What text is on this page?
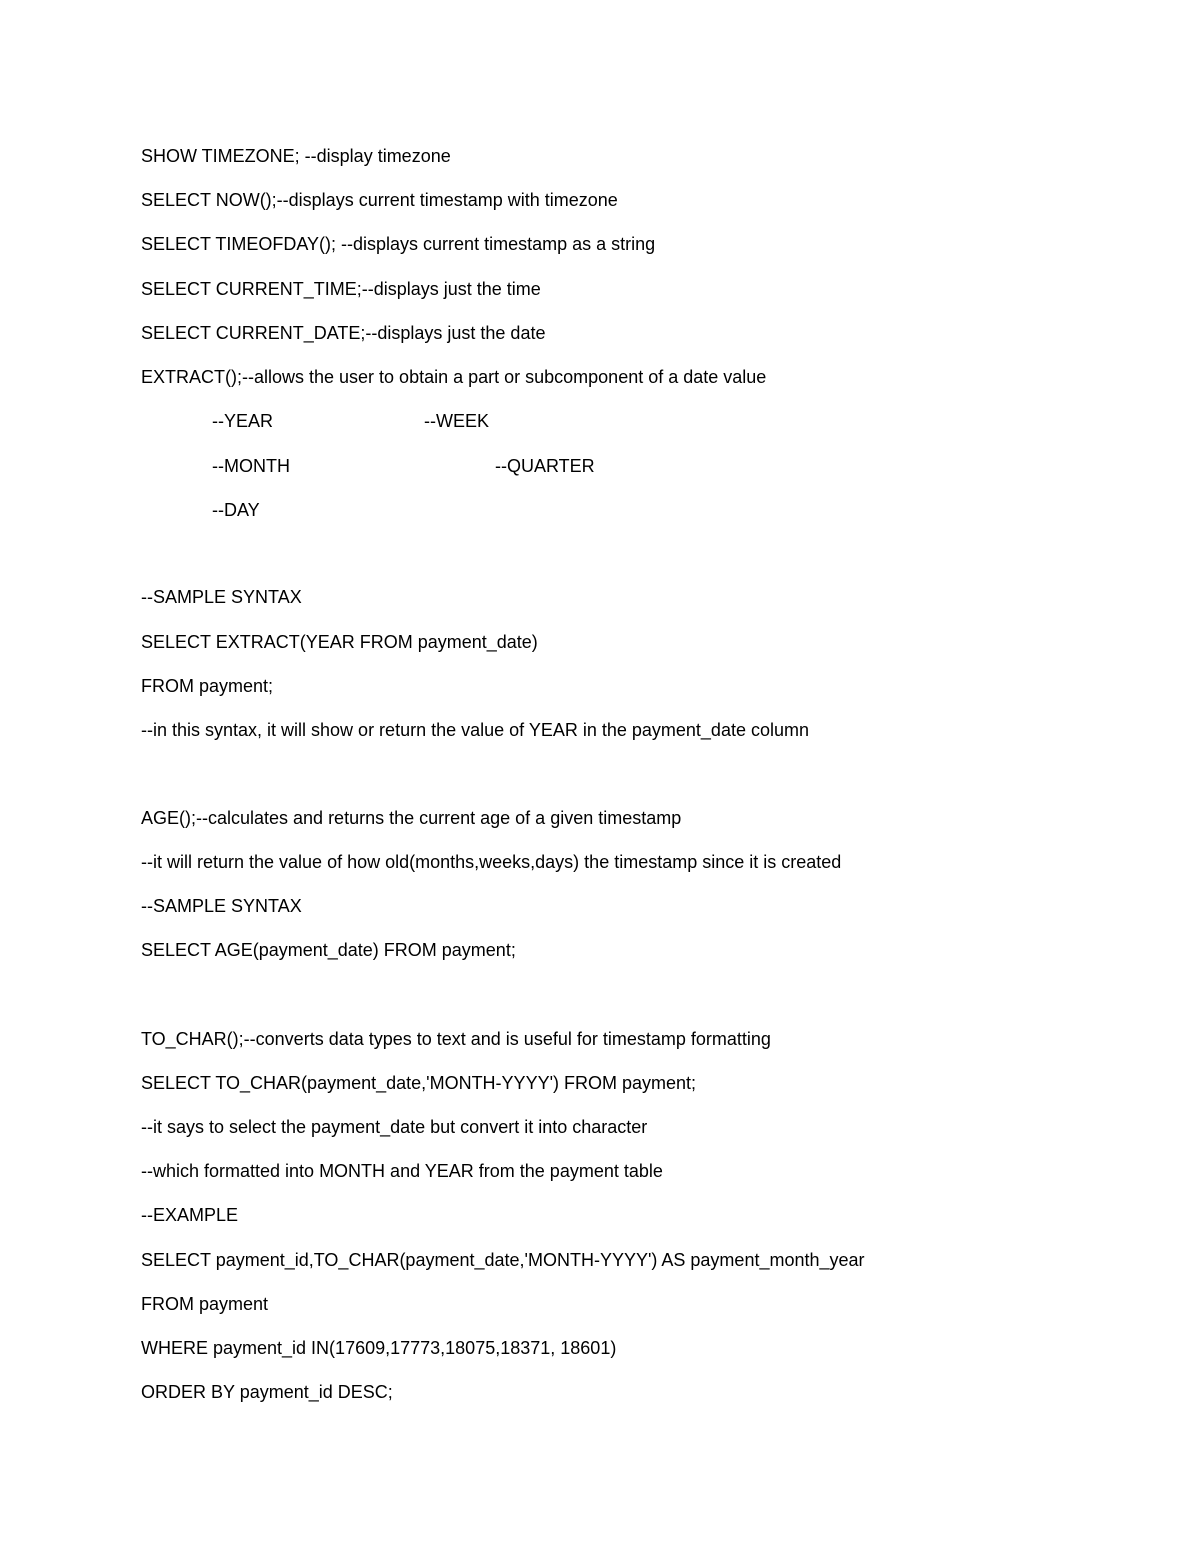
SHOW TIMEZONE; --display timezone
SELECT NOW();--displays current timestamp with timezone
SELECT TIMEOFDAY(); --displays current timestamp as a string
SELECT CURRENT_TIME;--displays just the time
SELECT CURRENT_DATE;--displays just the date
EXTRACT();--allows the user to obtain a part or subcomponent of a date value
--YEAR	--WEEK
--MONTH	--QUARTER
--DAY
--SAMPLE SYNTAX
SELECT EXTRACT(YEAR FROM payment_date)
FROM payment;
--in this syntax, it will show or return the value of YEAR in the payment_date column
AGE();--calculates and returns the current age of a given timestamp
--it will return the value of how old(months,weeks,days) the timestamp since it is created
--SAMPLE SYNTAX
SELECT AGE(payment_date) FROM payment;
TO_CHAR();--converts data types to text and is useful for timestamp formatting
SELECT TO_CHAR(payment_date,'MONTH-YYYY') FROM payment;
--it says to select the payment_date but convert it into character
--which formatted into MONTH and YEAR from the payment table
--EXAMPLE
SELECT payment_id,TO_CHAR(payment_date,'MONTH-YYYY') AS payment_month_year
FROM payment
WHERE payment_id IN(17609,17773,18075,18371, 18601)
ORDER BY payment_id DESC;
